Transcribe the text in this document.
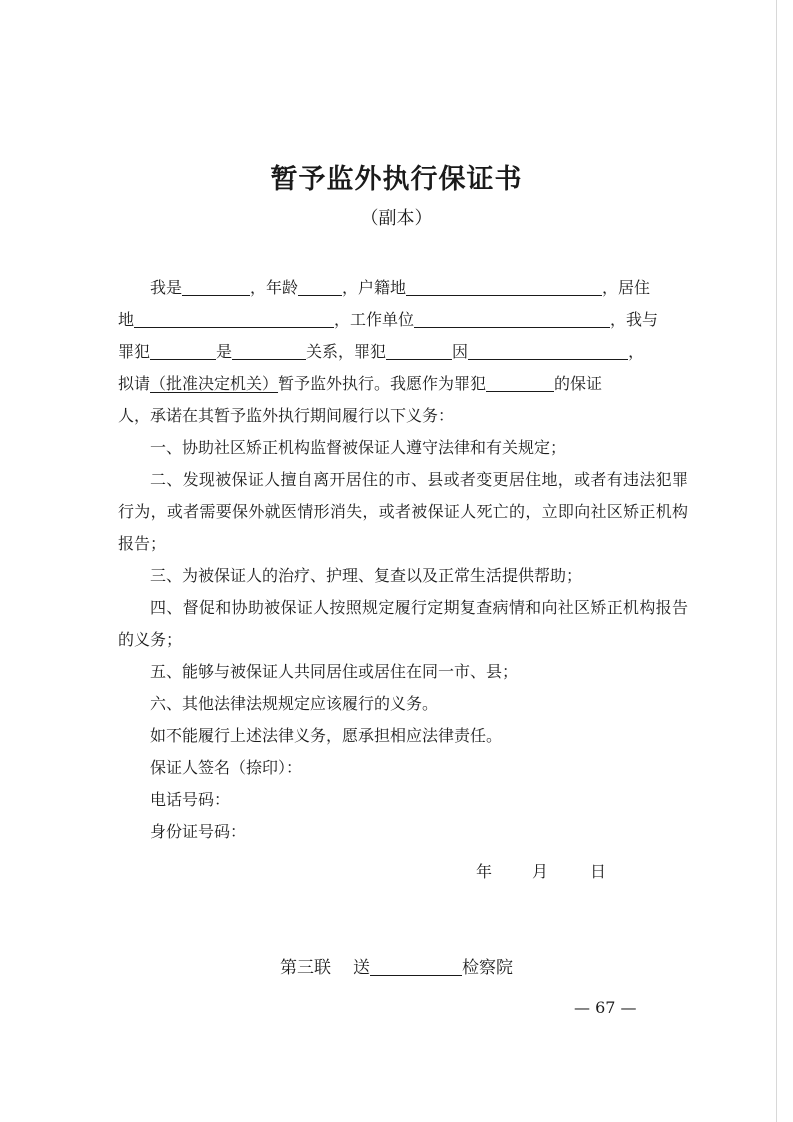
暂予监外执行保证书
（副本）
我是	，年龄	，户籍地	，居住
地	，工作单位	，我与
罪犯	是	关系，罪犯	因	，
拟请（批准决定机关）暂予监外执行。我愿作为罪犯	的保证
人，承诺在其暂予监外执行期间履行以下义务：

一、协助社区矫正机构监督被保证人遵守法律和有关规定；

二、发现被保证人擅自离开居住的市、县或者变更居住地，或者有违法犯罪行为，或者需要保外就医情形消失，或者被保证人死亡的，立即向社区矫正机构报告；

三、为被保证人的治疗、护理、复查以及正常生活提供帮助；

四、督促和协助被保证人按照规定履行定期复查病情和向社区矫正机构报告的义务；

五、能够与被保证人共同居住或居住在同一市、县；

六、其他法律法规规定应该履行的义务。

如不能履行上述法律义务，愿承担相应法律责任。

保证人签名（捺印）：

电话号码：

身份证号码：

年 月	日
第三联 送	检察院
— 67 —
